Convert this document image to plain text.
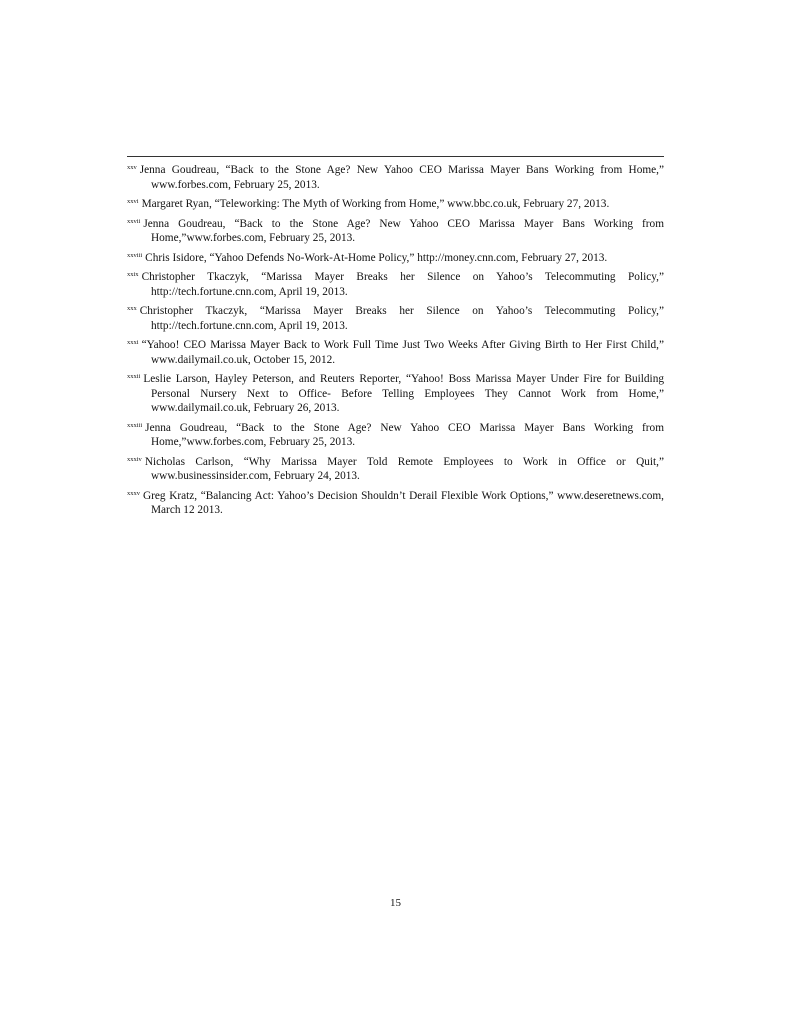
$^{xxv}$ Jenna Goudreau, “Back to the Stone Age? New Yahoo CEO Marissa Mayer Bans Working from Home,” www.forbes.com, February 25, 2013.

$^{xxvi}$ Margaret Ryan, “Teleworking: The Myth of Working from Home,” www.bbc.co.uk, February 27, 2013.

$^{xxvii}$ Jenna Goudreau, “Back to the Stone Age? New Yahoo CEO Marissa Mayer Bans Working from Home,”www.forbes.com, February 25, 2013.

$^{xxviii}$ Chris Isidore, “Yahoo Defends No-Work-At-Home Policy,” http://money.cnn.com, February 27, 2013.

$^{xxix}$ Christopher Tkaczyk, “Marissa Mayer Breaks her Silence on Yahoo’s Telecommuting Policy,” http://tech.fortune.cnn.com, April 19, 2013.

$^{xxx}$ Christopher Tkaczyk, “Marissa Mayer Breaks her Silence on Yahoo’s Telecommuting Policy,” http://tech.fortune.cnn.com, April 19, 2013.

$^{xxxi}$ “Yahoo! CEO Marissa Mayer Back to Work Full Time Just Two Weeks After Giving Birth to Her First Child,” www.dailymail.co.uk, October 15, 2012.

$^{xxxii}$ Leslie Larson, Hayley Peterson, and Reuters Reporter, “Yahoo! Boss Marissa Mayer Under Fire for Building Personal Nursery Next to Office- Before Telling Employees They Cannot Work from Home,” www.dailymail.co.uk, February 26, 2013.

$^{xxxiii}$ Jenna Goudreau, “Back to the Stone Age? New Yahoo CEO Marissa Mayer Bans Working from Home,”www.forbes.com, February 25, 2013.

$^{xxxiv}$ Nicholas Carlson, “Why Marissa Mayer Told Remote Employees to Work in Office or Quit,” www.businessinsider.com, February 24, 2013.

$^{xxxv}$ Greg Kratz, “Balancing Act: Yahoo’s Decision Shouldn’t Derail Flexible Work Options,” www.deseretnews.com, March 12 2013.

15
